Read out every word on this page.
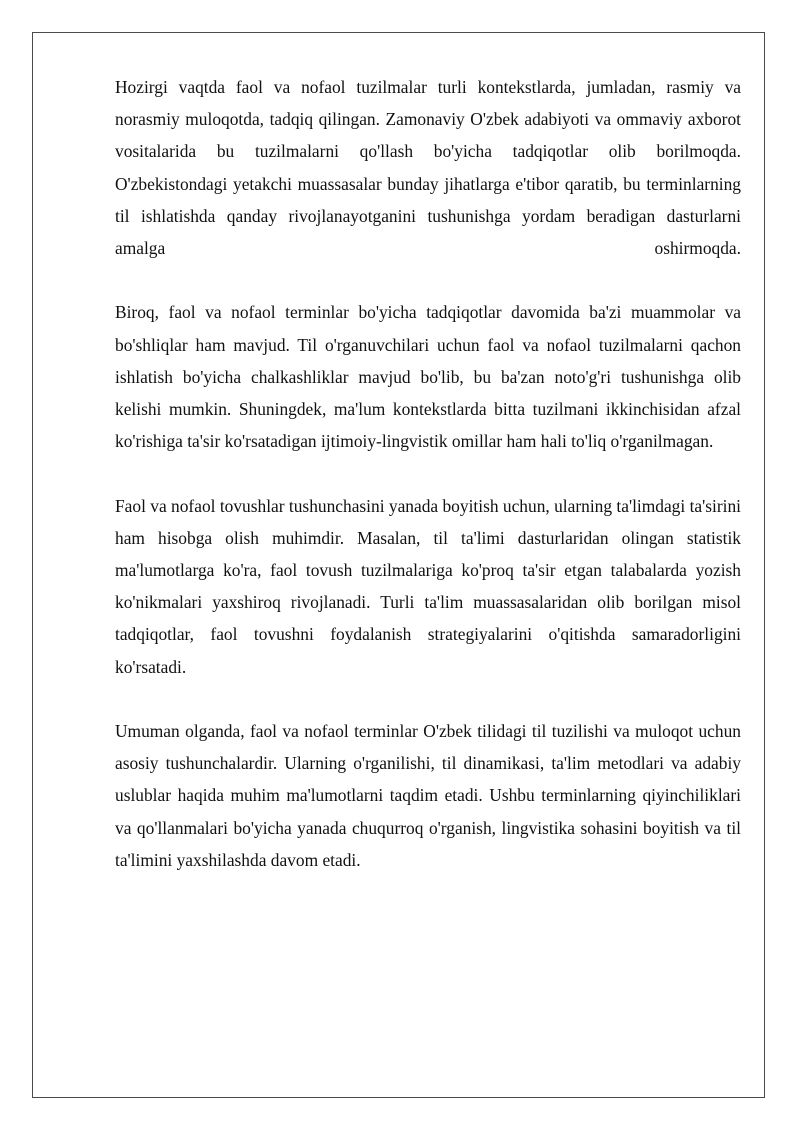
Hozirgi vaqtda faol va nofaol tuzilmalar turli kontekstlarda, jumladan, rasmiy va norasmiy muloqotda, tadqiq qilingan. Zamonaviy O'zbek adabiyoti va ommaviy axborot vositalarida bu tuzilmalarni qo'llash bo'yicha tadqiqotlar olib borilmoqda. O'zbekistondagi yetakchi muassasalar bunday jihatlarga e'tibor qaratib, bu terminlarning til ishlatishda qanday rivojlanayotganini tushunishga yordam beradigan dasturlarni amalga oshirmoqda.

Biroq, faol va nofaol terminlar bo'yicha tadqiqotlar davomida ba'zi muammolar va bo'shliqlar ham mavjud. Til o'rganuvchilari uchun faol va nofaol tuzilmalarni qachon ishlatish bo'yicha chalkashliklar mavjud bo'lib, bu ba'zan noto'g'ri tushunishga olib kelishi mumkin. Shuningdek, ma'lum kontekstlarda bitta tuzilmani ikkinchisidan afzal ko'rishiga ta'sir ko'rsatadigan ijtimoiy-lingvistik omillar ham hali to'liq o'rganilmagan.

Faol va nofaol tovushlar tushunchasini yanada boyitish uchun, ularning ta'limdagi ta'sirini ham hisobga olish muhimdir. Masalan, til ta'limi dasturlaridan olingan statistik ma'lumotlarga ko'ra, faol tovush tuzilmalariga ko'proq ta'sir etgan talabalarda yozish ko'nikmalari yaxshiroq rivojlanadi. Turli ta'lim muassasalaridan olib borilgan misol tadqiqotlar, faol tovushni foydalanish strategiyalarini o'qitishda samaradorligini ko'rsatadi.

Umuman olganda, faol va nofaol terminlar O'zbek tilidagi til tuzilishi va muloqot uchun asosiy tushunchalardir. Ularning o'rganilishi, til dinamikasi, ta'lim metodlari va adabiy uslublar haqida muhim ma'lumotlarni taqdim etadi. Ushbu terminlarning qiyinchiliklari va qo'llanmalari bo'yicha yanada chuqurroq o'rganish, lingvistika sohasini boyitish va til ta'limini yaxshilashda davom etadi.
